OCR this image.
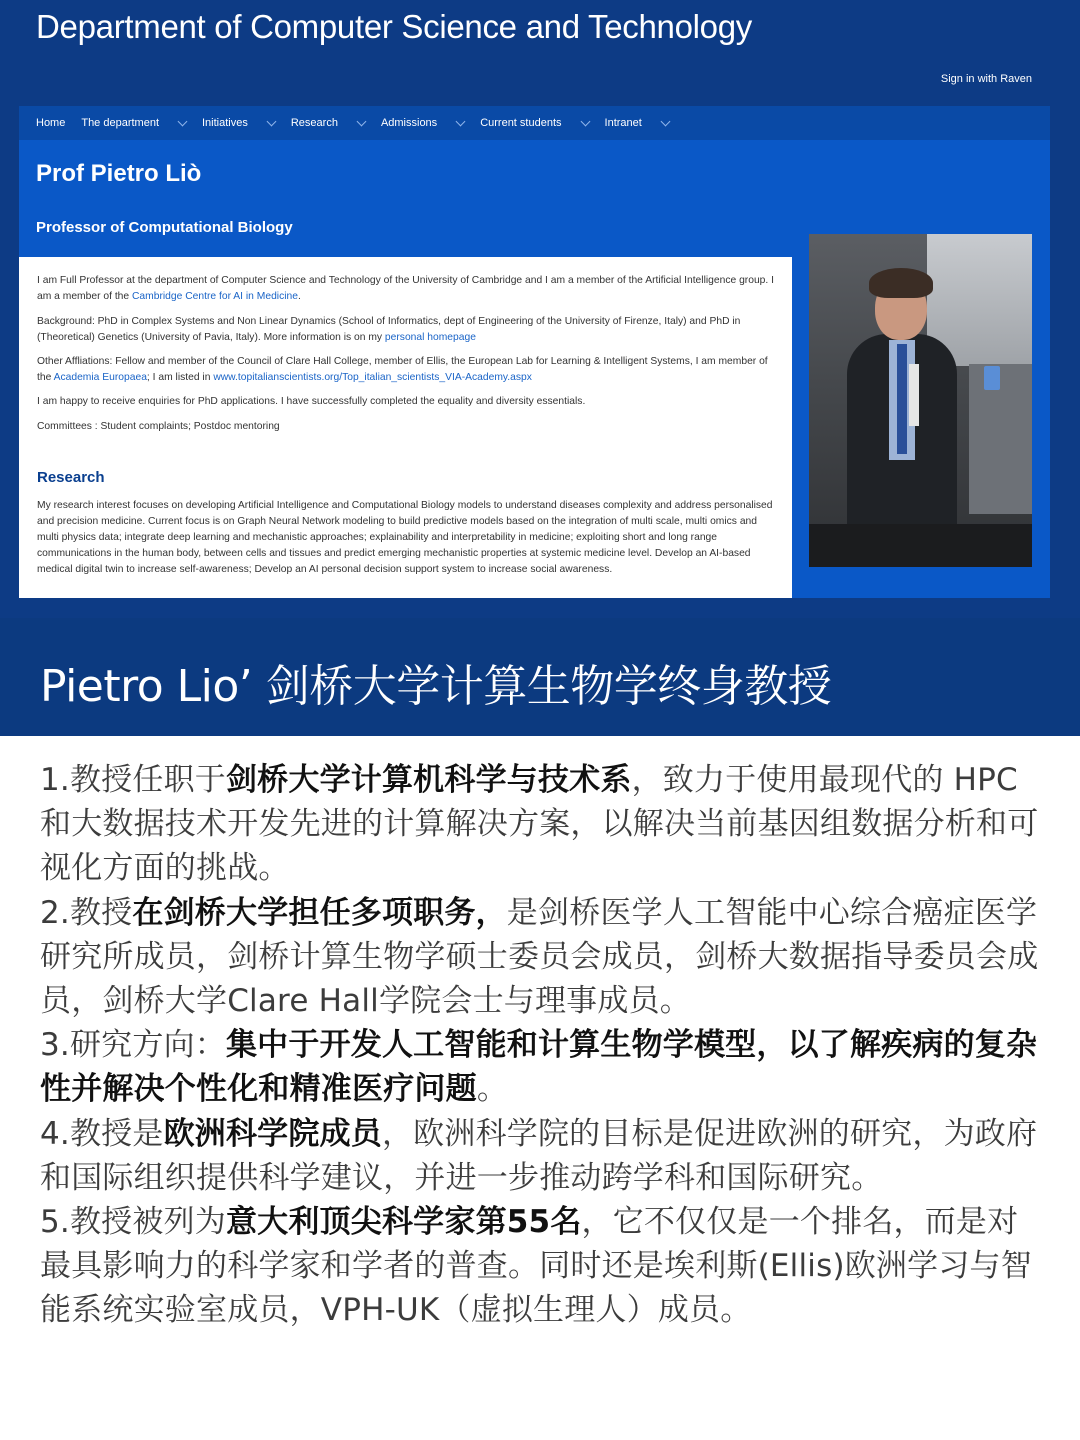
Department of Computer Science and Technology
Sign in with Raven
Home The department	Initiatives	Research	Admissions	Current students	Intranet
Prof Pietro Liò
Professor of Computational Biology

I am Full Professor at the department of Computer Science and Technology of the University of Cambridge and I am a member of the Artificial Intelligence group. I am a member of the Cambridge Centre for AI in Medicine.

Background: PhD in Complex Systems and Non Linear Dynamics (School of Informatics, dept of Engineering of the University of Firenze, Italy) and PhD in (Theoretical) Genetics (University of Pavia, Italy). More information is on my personal homepage

Other Affliations: Fellow and member of the Council of Clare Hall College, member of Ellis, the European Lab for Learning & Intelligent Systems, I am member of the Academia Europaea; I am listed in www.topitalianscientists.org/Top_italian_scientists_VIA-Academy.aspx

I am happy to receive enquiries for PhD applications. I have successfully completed the equality and diversity essentials.

Committees : Student complaints; Postdoc mentoring

Research

My research interest focuses on developing Artificial Intelligence and Computational Biology models to understand diseases complexity and address personalised and precision medicine. Current focus is on Graph Neural Network modeling to build predictive models based on the integration of multi scale, multi omics and multi physics data; integrate deep learning and mechanistic approaches; explainability and interpretability in medicine; exploiting short and long range communications in the human body, between cells and tissues and predict emerging mechanistic properties at systemic medicine level. Develop an AI-based medical digital twin to increase self-awareness; Develop an AI personal decision support system to increase social awareness.

Pietro Lio’ 剑桥大学计算生物学终身教授

1.教授任职于剑桥大学计算机科学与技术系，致力于使用最现代的 HPC 和大数据技术开发先进的计算解决方案，以解决当前基因组数据分析和可视化方面的挑战。

2.教授在剑桥大学担任多项职务，是剑桥医学人工智能中心综合癌症医学研究所成员，剑桥计算生物学硕士委员会成员，剑桥大数据指导委员会成员，剑桥大学Clare Hall学院会士与理事成员。

3.研究方向：集中于开发人工智能和计算生物学模型，以了解疾病的复杂性并解决个性化和精准医疗问题。

4.教授是欧洲科学院成员，欧洲科学院的目标是促进欧洲的研究，为政府和国际组织提供科学建议，并进一步推动跨学科和国际研究。

5.教授被列为意大利顶尖科学家第55名，它不仅仅是一个排名，而是对最具影响力的科学家和学者的普查。同时还是埃利斯(Ellis)欧洲学习与智能系统实验室成员，VPH-UK（虚拟生理人）成员。
